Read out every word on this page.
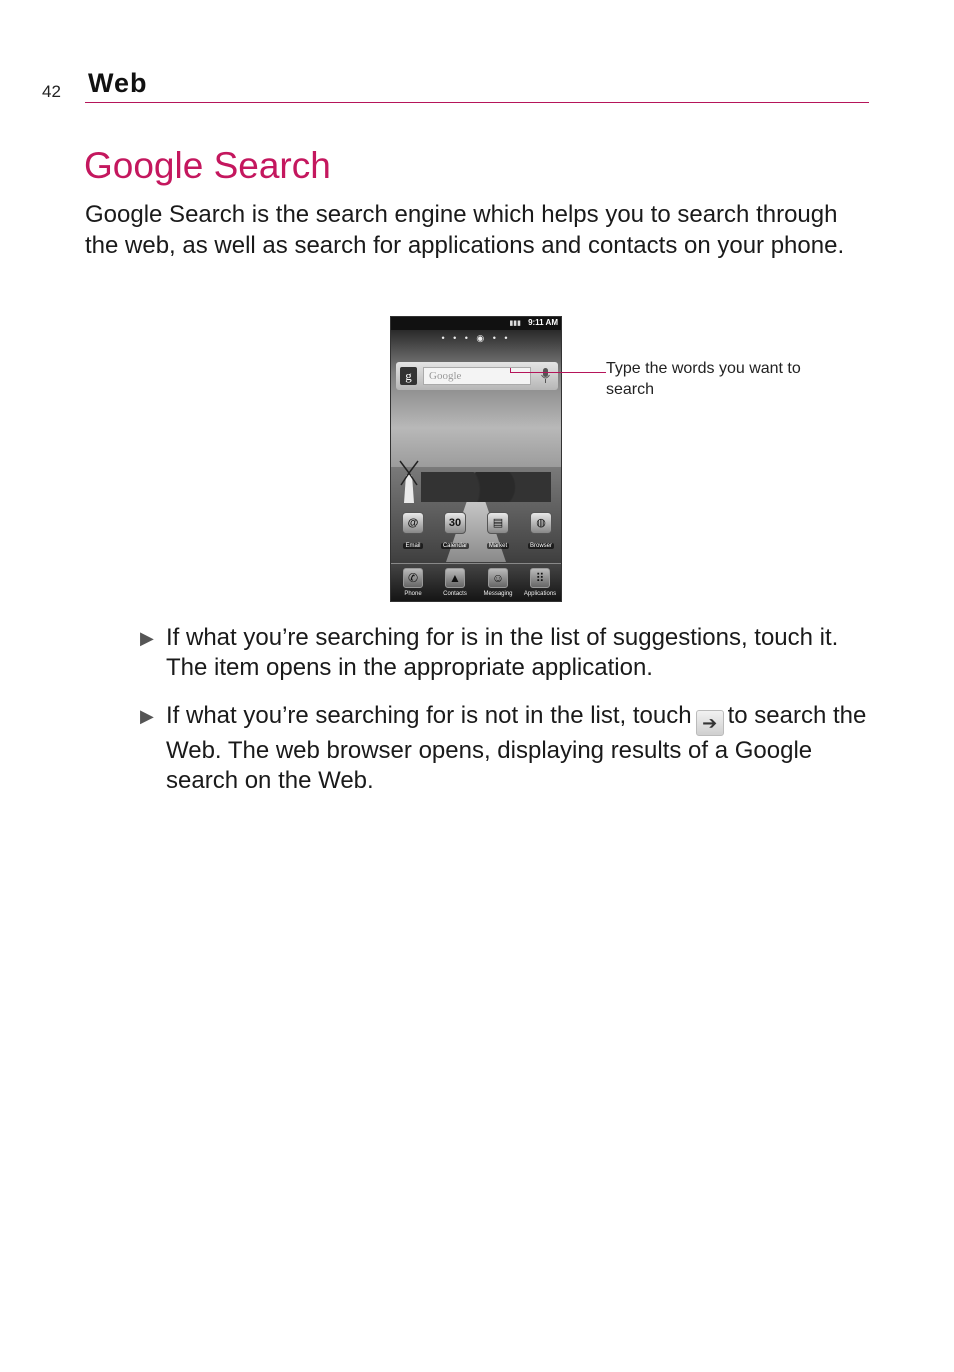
42 Web
Google Search

Google Search is the search engine which helps you to search through the web, as well as search for applications and contacts on your phone.

▮▮▮ 9:11 AM
• • • ◉ • •
g	Google
@
Email
30
Calendar
▤
Market
◍
Browser
✆
Phone
▲
Contacts
☺
Messaging
⠿
Applications
Type the words you want to search
▶ If what you’re searching for is in the list of suggestions, touch it. The item opens in the appropriate application.
▶ If what you’re searching for is not in the list, touch ➔ to search the Web. The web browser opens, displaying results of a Google search on the Web.
